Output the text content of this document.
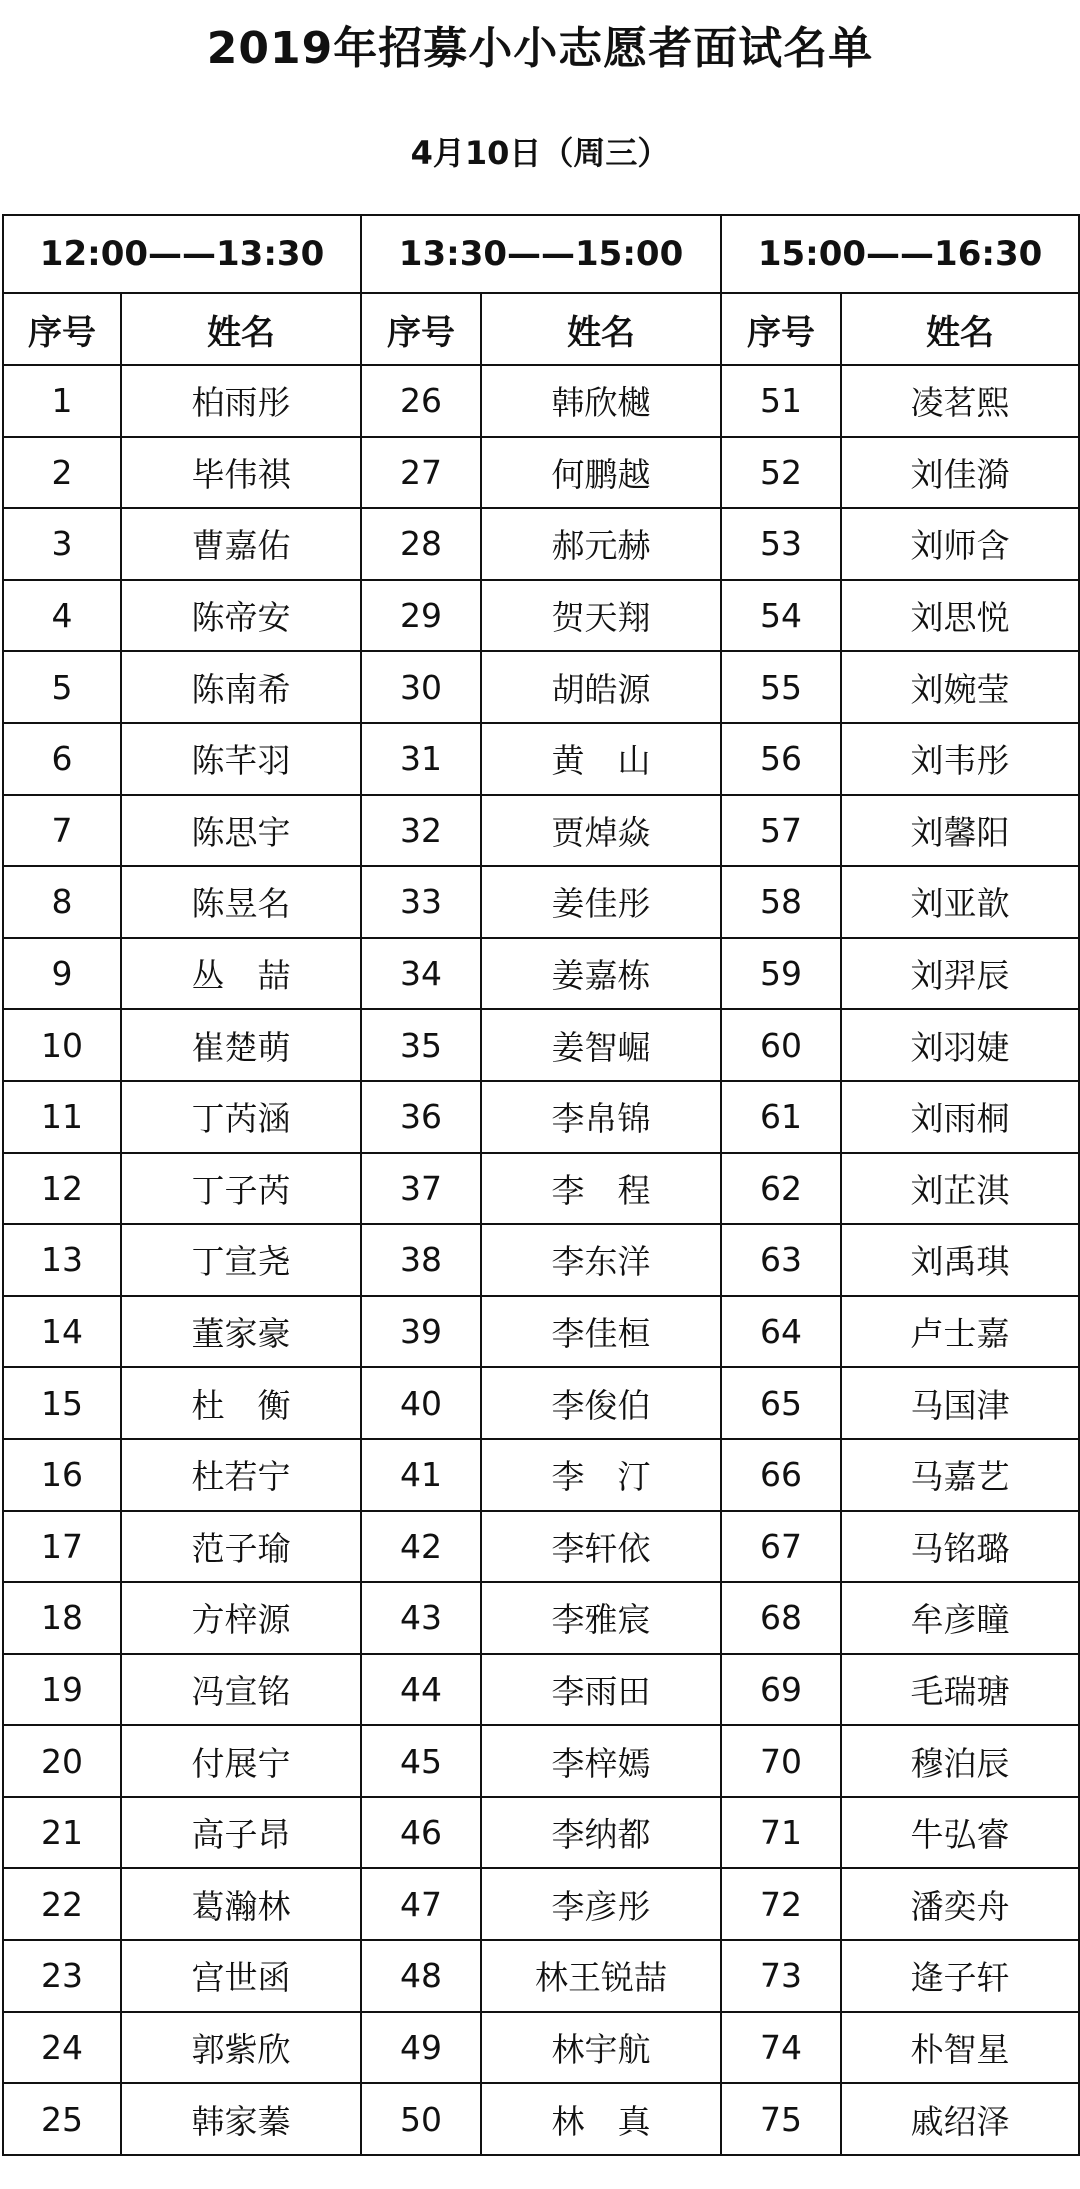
2019年招募小小志愿者面试名单
4月10日（周三）
12:00——13:30		13:30——15:00		15:00——16:30	
序号	姓名	序号	姓名	序号	姓名
1	柏雨彤	26	韩欣樾	51	凌茗熙
2	毕伟祺	27	何鹏越	52	刘佳漪
3	曹嘉佑	28	郝元赫	53	刘师含
4	陈帝安	29	贺天翔	54	刘思悦
5	陈南希	30	胡皓源	55	刘婉莹
6	陈芊羽	31	黄　山	56	刘韦彤
7	陈思宇	32	贾焯焱	57	刘馨阳
8	陈昱名	33	姜佳彤	58	刘亚歆
9	丛　喆	34	姜嘉栋	59	刘羿辰
10	崔楚萌	35	姜智崛	60	刘羽婕
11	丁芮涵	36	李帛锦	61	刘雨桐
12	丁子芮	37	李　程	62	刘芷淇
13	丁宣尧	38	李东洋	63	刘禹琪
14	董家豪	39	李佳桓	64	卢士嘉
15	杜　衡	40	李俊伯	65	马国津
16	杜若宁	41	李　汀	66	马嘉艺
17	范子瑜	42	李轩依	67	马铭璐
18	方梓源	43	李雅宸	68	牟彦瞳
19	冯宣铭	44	李雨田	69	毛瑞瑭
20	付展宁	45	李梓嫣	70	穆泊辰
21	高子昂	46	李纳都	71	牛弘睿
22	葛瀚林	47	李彦彤	72	潘奕舟
23	宫世函	48	林王锐喆	73	逄子轩
24	郭紫欣	49	林宇航	74	朴智星
25	韩家蓁	50	林　真	75	戚绍泽
